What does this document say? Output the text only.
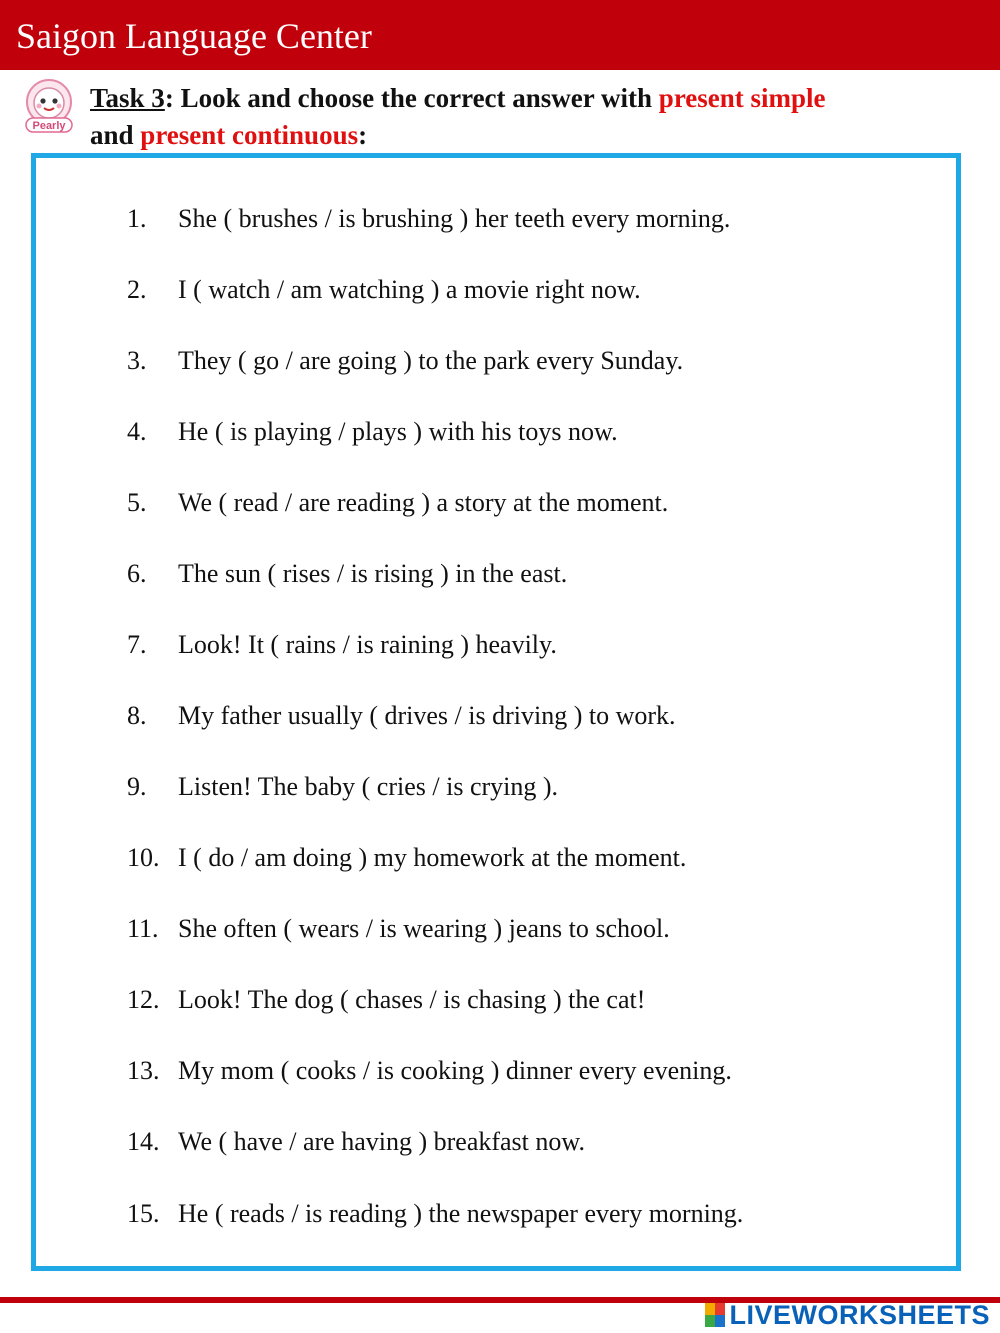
Saigon Language Center
Pearly
Task 3: Look and choose the correct answer with present simple
and present continuous:
1. She ( brushes / is brushing ) her teeth every morning.
2. I ( watch / am watching ) a movie right now.
3. They ( go / are going ) to the park every Sunday.
4. He ( is playing / plays ) with his toys now.
5. We ( read / are reading ) a story at the moment.
6. The sun ( rises / is rising ) in the east.
7. Look! It ( rains / is raining ) heavily.
8. My father usually ( drives / is driving ) to work.
9. Listen! The baby ( cries / is crying ).
10. I ( do / am doing ) my homework at the moment.
11. She often ( wears / is wearing ) jeans to school.
12. Look! The dog ( chases / is chasing ) the cat!
13. My mom ( cooks / is cooking ) dinner every evening.
14. We ( have / are having ) breakfast now.
15. He ( reads / is reading ) the newspaper every morning.
LIVEWORKSHEETS
